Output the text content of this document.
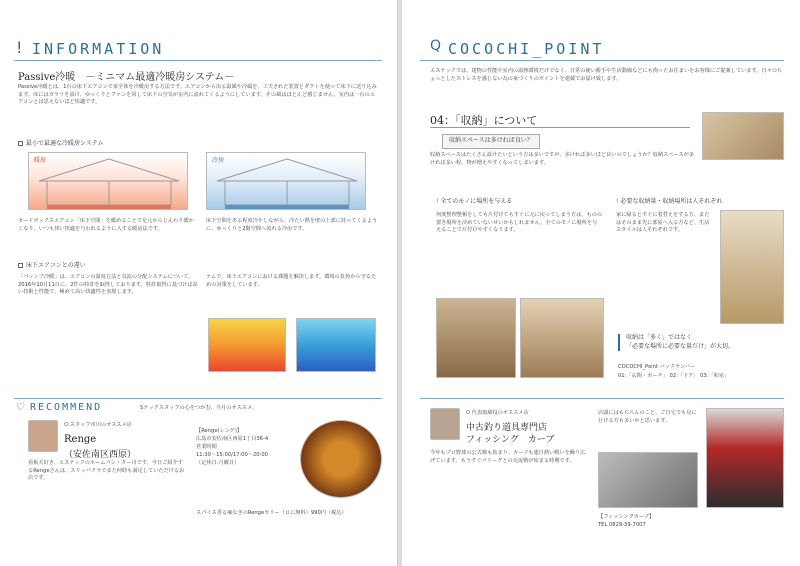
! INFORMATION
Passive冷暖　－ミニマム最適冷暖房システム－
Passive冷暖とは、1台の床下エアコンで家全体を冷暖房する方法です。エアコンから出る温風や冷風を、工夫された装置とダクトを使って床下に送り込みます。床にはガラリを設け、ゆっくりとファンを回して床下の空気が室内に流れてくるようにしています。その風はほとんど感じません。室内は一台のエアコンとは思えないほど快適です。
最小で最適な冷暖房システム
暖房	冷房
セードボックスエアコン「床下空間」を暖めることで足元からじんわり暖かくなり、いつも快い快適を与われるように入する暖房法です。
床下空間をある程度冷やしながら、冷たい熱を壁の上部に持ってくるように、ゆっくりと2階空間へ流れる冷房です。
床下エアコンとの違い
「パッシブ冷暖」は、エアコンの温度方法と気流の分配システムについて、2016年10月11日に、2件の特許を取得しております。特許取得に基づけば高い技術と性能で、極めて高い快適性を実現します。
テムで、床下エアコンにおける課題を解決します。環境の負荷から守るための対策をしています。
♡ RECOMMEND	Sテックスタッフの心をつかむ、今月のオススメ。
Q スタッフ市川のオススメ店
Renge
（安佐南区西原）
看板犬好き、エステックのホームパン・ター川です。今日ご紹介するRengeさんは、スリッパクラでまた何時も満足していただけるお店です。
【Renge(レンゲ)】
広島市安佐南区西原1丁目36-4
営業時間
11:30～15:00/17:00～20:00
（定休日:月曜日）
スパイス香る麻なきのRengeカリー（ロに無料）990円（税込）
Q COCOCHI_POINT
エステックでは、建物の性能や室内の温熱環境だけでなく、日常の使い勝手や生活動線などにも拘ったお住まいをお客様にご提案しています。日々のちょっとしたストレスを感じない為の家づくりのポイントを連載でお届け致します。
04：「収納」について
収納スペースは多ければ良い？
収納スペースはたくさん設けたいという方は多いですが、多ければ多いほど良いのでしょうか？収納スペースが多ければ多い程、物が増えやすくなってしまいます。
! 全てのモノに場所を与える
何度整理整頓をしても片付けてもすぐに元に戻ってしまう方は、ものの置き場所を決めていないせいかもしれません。全てのモノに場所を与えることで片付けやすくなります。
! 必要な収納量・収納場所は人それぞれ
家に帰るとすぐに着替えをする方、またはそのまま先に部屋へ入る方など、生活スタイルは人それぞれです。
収納は「多く」ではなく
「必要な場所に必要な量だけ」が大切。
COCOCHI_Point バックナンバー
01:「玄関・ポーチ」 02:「ドア」 03:「和室」
Q 代表取締役のオススメ店
中古釣り道具専門店
フィッシング　カーブ
今年もプロ野球の公式戦も始まり、カープも連日熱い戦いを繰り広げています。もうすぐパリーグとの交流戦が始まる時期です。
店頭にはもちろんのこと、ご自宅でも見に行ける方も多いかと思います。
【フィッシングカーブ】
TEL 0829-39-7007
